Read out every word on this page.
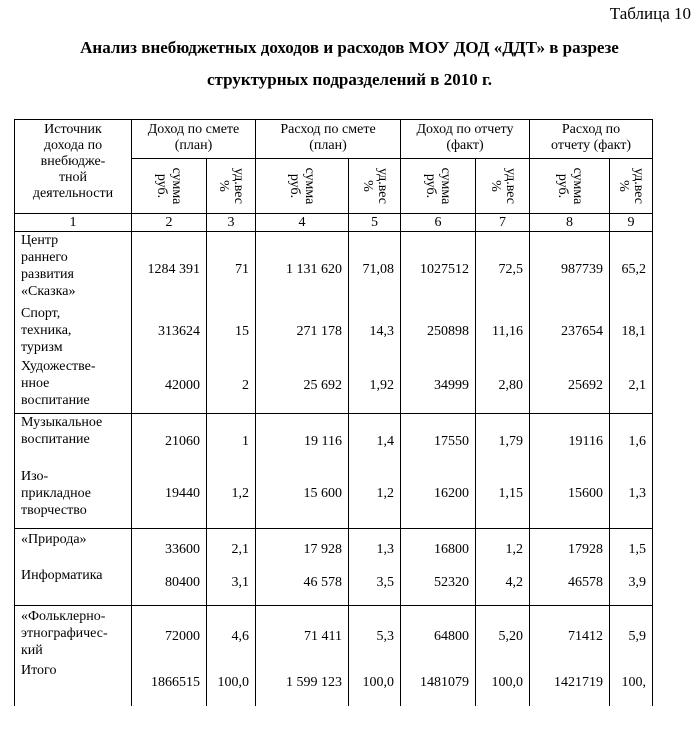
Таблица 10
Анализ внебюджетных доходов и расходов МОУ ДОД «ДДТ» в разрезе
структурных подразделений в 2010 г.
Источник
дохода по
внебюдже-
тной
деятельности	Доход по смете
(план)		Расход по смете
(план)		Доход по отчету
(факт)		Расход по
отчету (факт)	

	сумма
руб.	уд.вес
%	сумма
руб.	уд.вес
%	сумма
руб.	уд.вес
%	сумма
руб.	уд.вес
%

1	2	3	4	5	6	7	8	9
Центр
раннего
развития
«Сказка»	1284 391	71	1 131 620	71,08	1027512	72,5	987739	65,2
Спорт,
техника,
туризм	313624	15	271 178	14,3	250898	11,16	237654	18,1
Художестве-
нное
воспитание	42000	2	25 692	1,92	34999	2,80	25692	2,1
Музыкальное
воспитание	21060	1	19 116	1,4	17550	1,79	19116	1,6
Изо-
прикладное
творчество	19440	1,2	15 600	1,2	16200	1,15	15600	1,3
«Природа»	33600	2,1	17 928	1,3	16800	1,2	17928	1,5
Информатика	80400	3,1	46 578	3,5	52320	4,2	46578	3,9
«Фольклерно-
этнографичес-
кий	72000	4,6	71 411	5,3	64800	5,20	71412	5,9
Итого	1866515	100,0	1 599 123	100,0	1481079	100,0	1421719	100,
